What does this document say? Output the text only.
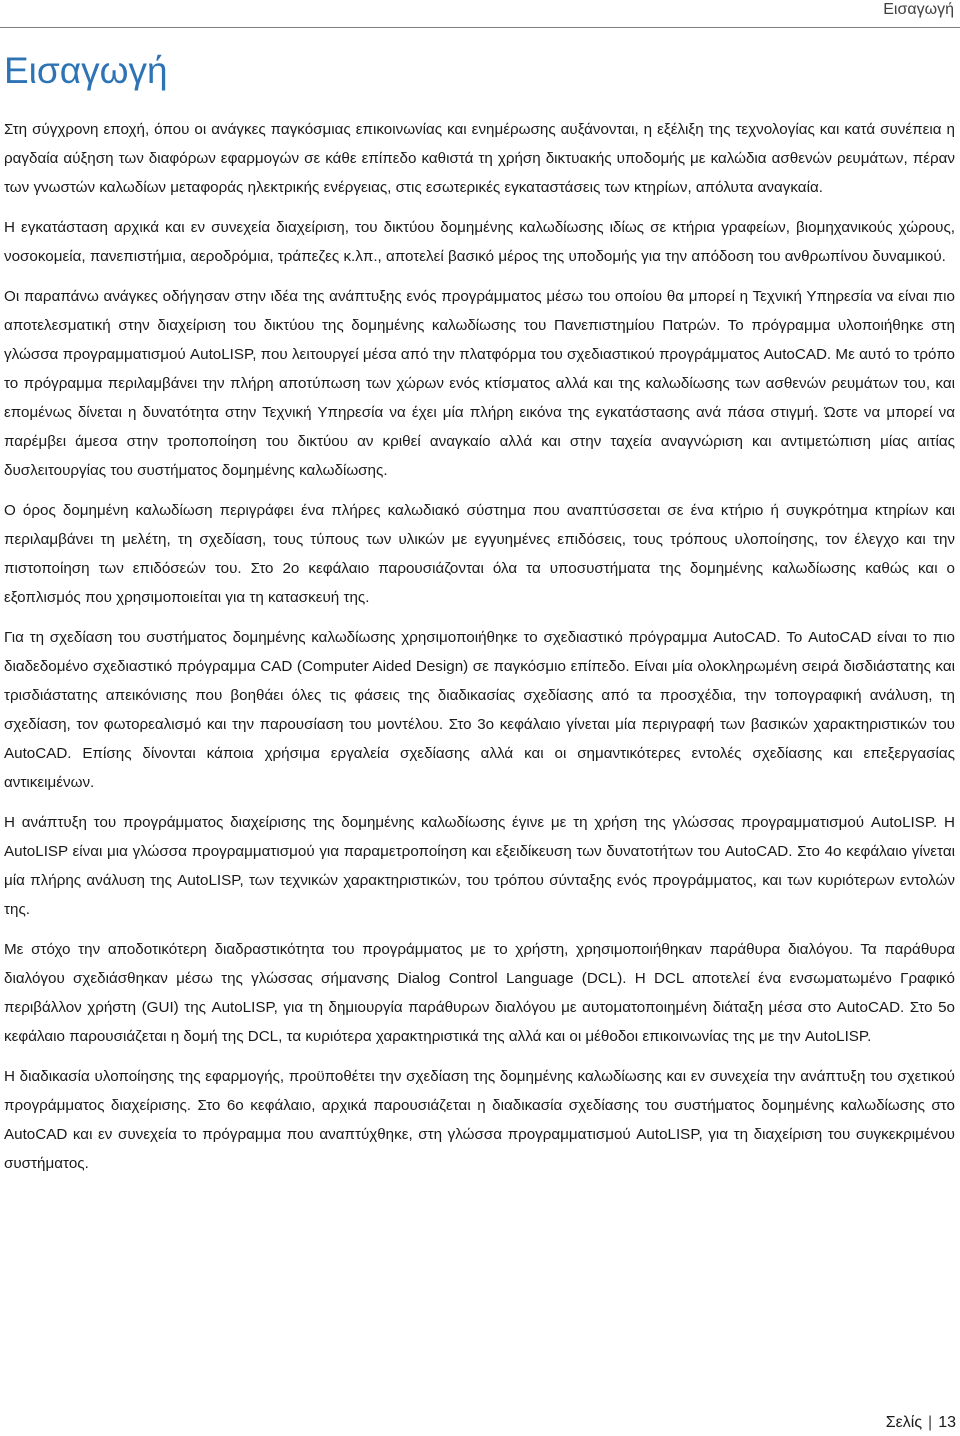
Εισαγωγή
Εισαγωγή

Στη σύγχρονη εποχή, όπου οι ανάγκες παγκόσμιας επικοινωνίας και ενημέρωσης αυξάνονται, η εξέλιξη της τεχνολογίας και κατά συνέπεια η ραγδαία αύξηση των διαφόρων εφαρμογών σε κάθε επίπεδο καθιστά τη χρήση δικτυακής υποδομής με καλώδια ασθενών ρευμάτων, πέραν των γνωστών καλωδίων μεταφοράς ηλεκτρικής ενέργειας, στις εσωτερικές εγκαταστάσεις των κτηρίων, απόλυτα αναγκαία.

Η εγκατάσταση αρχικά και εν συνεχεία διαχείριση, του δικτύου δομημένης καλωδίωσης ιδίως σε κτήρια γραφείων, βιομηχανικούς χώρους, νοσοκομεία, πανεπιστήμια, αεροδρόμια, τράπεζες κ.λπ., αποτελεί βασικό μέρος της υποδομής για την απόδοση του ανθρωπίνου δυναμικού.

Οι παραπάνω ανάγκες οδήγησαν στην ιδέα της ανάπτυξης ενός προγράμματος μέσω του οποίου θα μπορεί η Τεχνική Υπηρεσία να είναι πιο αποτελεσματική στην διαχείριση του δικτύου της δομημένης καλωδίωσης του Πανεπιστημίου Πατρών. Το πρόγραμμα υλοποιήθηκε στη γλώσσα προγραμματισμού AutoLISP, που λειτουργεί μέσα από την πλατφόρμα του σχεδιαστικού προγράμματος AutoCAD. Με αυτό το τρόπο το πρόγραμμα περιλαμβάνει την πλήρη αποτύπωση των χώρων ενός κτίσματος αλλά και της καλωδίωσης των ασθενών ρευμάτων του, και επομένως δίνεται η δυνατότητα στην Τεχνική Υπηρεσία να έχει μία πλήρη εικόνα της εγκατάστασης ανά πάσα στιγμή. Ώστε να μπορεί να παρέμβει άμεσα στην τροποποίηση του δικτύου αν κριθεί αναγκαίο αλλά και στην ταχεία αναγνώριση και αντιμετώπιση μίας αιτίας δυσλειτουργίας του συστήματος δομημένης καλωδίωσης.

Ο όρος δομημένη καλωδίωση περιγράφει ένα πλήρες καλωδιακό σύστημα που αναπτύσσεται σε ένα κτήριο ή συγκρότημα κτηρίων και περιλαμβάνει τη μελέτη, τη σχεδίαση, τους τύπους των υλικών με εγγυημένες επιδόσεις, τους τρόπους υλοποίησης, τον έλεγχο και την πιστοποίηση των επιδόσεών του. Στο 2ο κεφάλαιο παρουσιάζονται όλα τα υποσυστήματα της δομημένης καλωδίωσης καθώς και ο εξοπλισμός που χρησιμοποιείται για τη κατασκευή της.

Για τη σχεδίαση του συστήματος δομημένης καλωδίωσης χρησιμοποιήθηκε το σχεδιαστικό πρόγραμμα AutoCAD. Το AutoCAD είναι το πιο διαδεδομένο σχεδιαστικό πρόγραμμα CAD (Computer Aided Design) σε παγκόσμιο επίπεδο. Είναι μία ολοκληρωμένη σειρά δισδιάστατης και τρισδιάστατης απεικόνισης που βοηθάει όλες τις φάσεις της διαδικασίας σχεδίασης από τα προσχέδια, την τοπογραφική ανάλυση, τη σχεδίαση, τον φωτορεαλισμό και την παρουσίαση του μοντέλου. Στο 3ο κεφάλαιο γίνεται μία περιγραφή των βασικών χαρακτηριστικών του AutoCAD. Επίσης δίνονται κάποια χρήσιμα εργαλεία σχεδίασης αλλά και οι σημαντικότερες εντολές σχεδίασης και επεξεργασίας αντικειμένων.

Η ανάπτυξη του προγράμματος διαχείρισης της δομημένης καλωδίωσης έγινε με τη χρήση της γλώσσας προγραμματισμού AutoLISP. Η AutoLISP είναι μια γλώσσα προγραμματισμού για παραμετροποίηση και εξειδίκευση των δυνατοτήτων του AutoCAD. Στο 4ο κεφάλαιο γίνεται μία πλήρης ανάλυση της AutoLISP, των τεχνικών χαρακτηριστικών, του τρόπου σύνταξης ενός προγράμματος, και των κυριότερων εντολών της.

Με στόχο την αποδοτικότερη διαδραστικότητα του προγράμματος με το χρήστη, χρησιμοποιήθηκαν παράθυρα διαλόγου. Τα παράθυρα διαλόγου σχεδιάσθηκαν μέσω της γλώσσας σήμανσης Dialog Control Language (DCL). Η DCL αποτελεί ένα ενσωματωμένο Γραφικό περιβάλλον χρήστη (GUI) της AutoLISP, για τη δημιουργία παράθυρων διαλόγου με αυτοματοποιημένη διάταξη μέσα στο AutoCAD. Στο 5ο κεφάλαιο παρουσιάζεται η δομή της DCL, τα κυριότερα χαρακτηριστικά της αλλά και οι μέθοδοι επικοινωνίας της με την AutoLISP.

Η διαδικασία υλοποίησης της εφαρμογής, προϋποθέτει την σχεδίαση της δομημένης καλωδίωσης και εν συνεχεία την ανάπτυξη του σχετικού προγράμματος διαχείρισης. Στο 6ο κεφάλαιο, αρχικά παρουσιάζεται η διαδικασία σχεδίασης του συστήματος δομημένης καλωδίωσης στο AutoCAD και εν συνεχεία το πρόγραμμα που αναπτύχθηκε, στη γλώσσα προγραμματισμού AutoLISP, για τη διαχείριση του συγκεκριμένου συστήματος.

Σελίς | 13
